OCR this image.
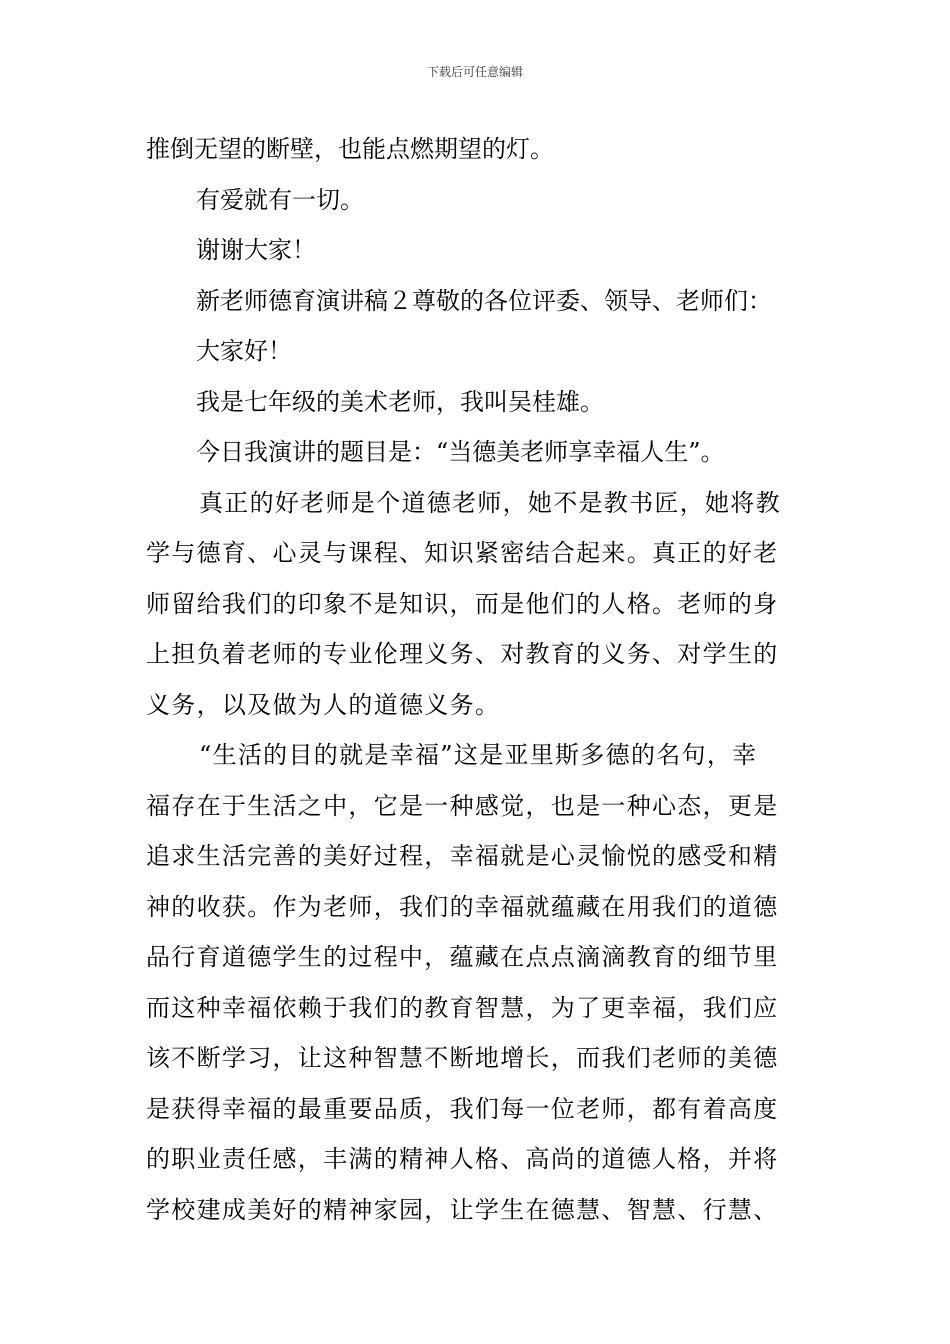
下载后可任意编辑
推倒无望的断壁，也能点燃期望的灯。
有爱就有一切。
谢谢大家！
新老师德育演讲稿２尊敬的各位评委、领导、老师们：
大家好！
我是七年级的美术老师，我叫吴桂雄。
今日我演讲的题目是：“当德美老师享幸福人生”。
真正的好老师是个道德老师，她不是教书匠，她将教
学与德育、心灵与课程、知识紧密结合起来。真正的好老
师留给我们的印象不是知识，而是他们的人格。老师的身
上担负着老师的专业伦理义务、对教育的义务、对学生的
义务，以及做为人的道德义务。
“生活的目的就是幸福”这是亚里斯多德的名句，幸
福存在于生活之中，它是一种感觉，也是一种心态，更是
追求生活完善的美好过程，幸福就是心灵愉悦的感受和精
神的收获。作为老师，我们的幸福就蕴藏在用我们的道德
品行育道德学生的过程中，蕴藏在点点滴滴教育的细节里
而这种幸福依赖于我们的教育智慧，为了更幸福，我们应
该不断学习，让这种智慧不断地增长，而我们老师的美德
是获得幸福的最重要品质，我们每一位老师，都有着高度
的职业责任感，丰满的精神人格、高尚的道德人格，并将
学校建成美好的精神家园，让学生在德慧、智慧、行慧、
